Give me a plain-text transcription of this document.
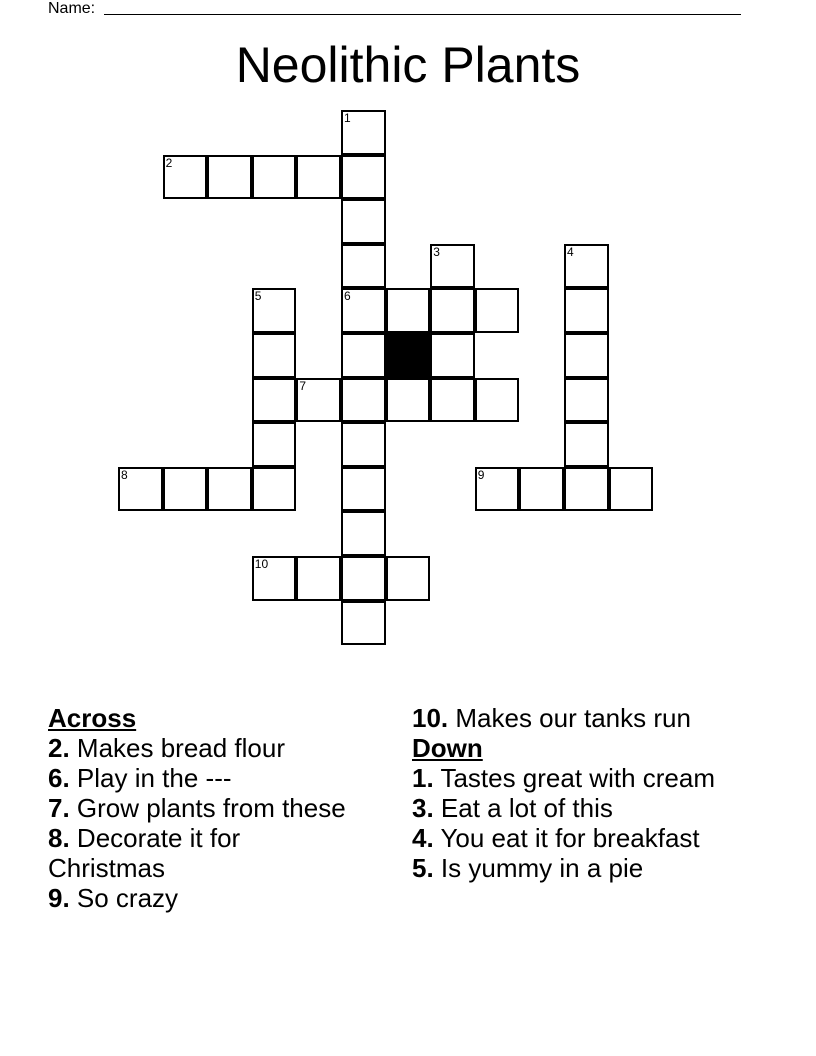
Name:
Neolithic Plants
1
2
3	4
5	6
7
8	9
10

Across

2. Makes bread flour

6. Play in the ---

7. Grow plants from these

8. Decorate it for Christmas

9. So crazy

10. Makes our tanks run

Down

1. Tastes great with cream

3. Eat a lot of this

4. You eat it for breakfast

5. Is yummy in a pie
